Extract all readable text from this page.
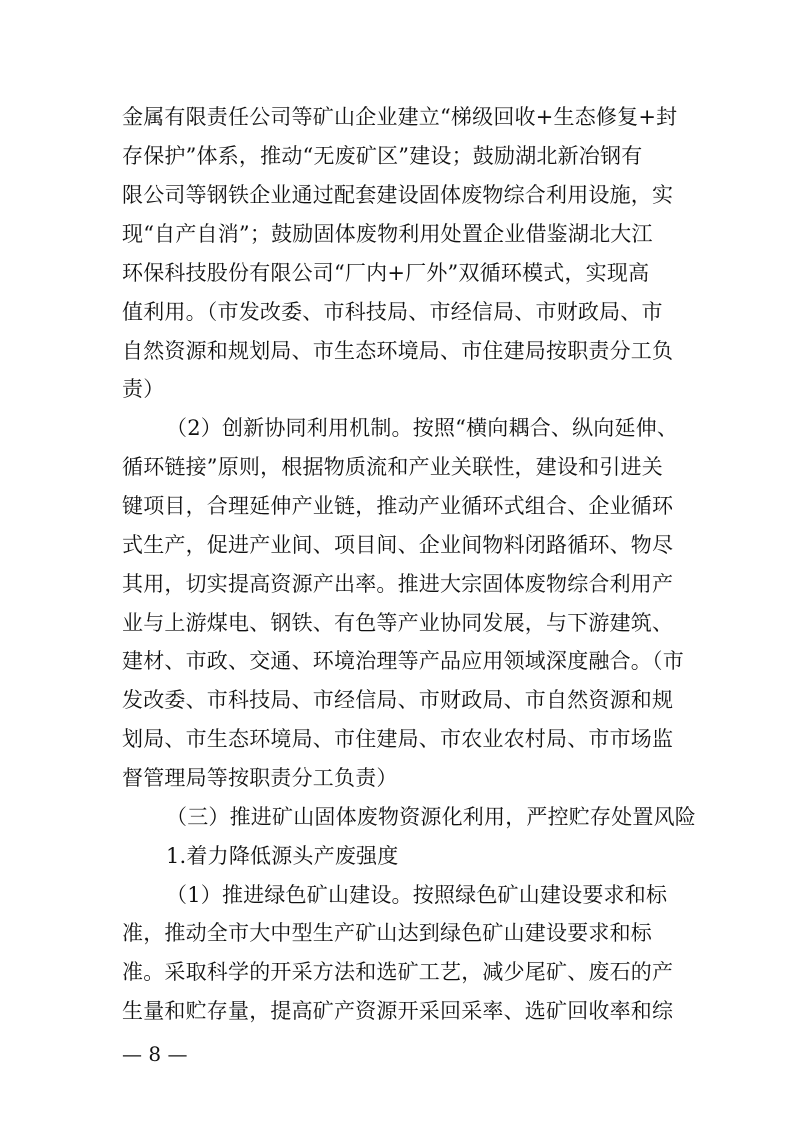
金属有限责任公司等矿山企业建立“梯级回收+生态修复+封
存保护”体系，推动“无废矿区”建设；鼓励湖北新冶钢有
限公司等钢铁企业通过配套建设固体废物综合利用设施，实
现“自产自消”；鼓励固体废物利用处置企业借鉴湖北大江
环保科技股份有限公司“厂内+厂外”双循环模式，实现高
值利用。（市发改委、市科技局、市经信局、市财政局、市
自然资源和规划局、市生态环境局、市住建局按职责分工负
责）
（2）创新协同利用机制。按照“横向耦合、纵向延伸、
循环链接”原则，根据物质流和产业关联性，建设和引进关
键项目，合理延伸产业链，推动产业循环式组合、企业循环
式生产，促进产业间、项目间、企业间物料闭路循环、物尽
其用，切实提高资源产出率。推进大宗固体废物综合利用产
业与上游煤电、钢铁、有色等产业协同发展，与下游建筑、
建材、市政、交通、环境治理等产品应用领域深度融合。（市
发改委、市科技局、市经信局、市财政局、市自然资源和规
划局、市生态环境局、市住建局、市农业农村局、市市场监
督管理局等按职责分工负责）
（三）推进矿山固体废物资源化利用，严控贮存处置风险
1.着力降低源头产废强度
（1）推进绿色矿山建设。按照绿色矿山建设要求和标
准，推动全市大中型生产矿山达到绿色矿山建设要求和标
准。采取科学的开采方法和选矿工艺，减少尾矿、废石的产
生量和贮存量，提高矿产资源开采回采率、选矿回收率和综
— 8 —
